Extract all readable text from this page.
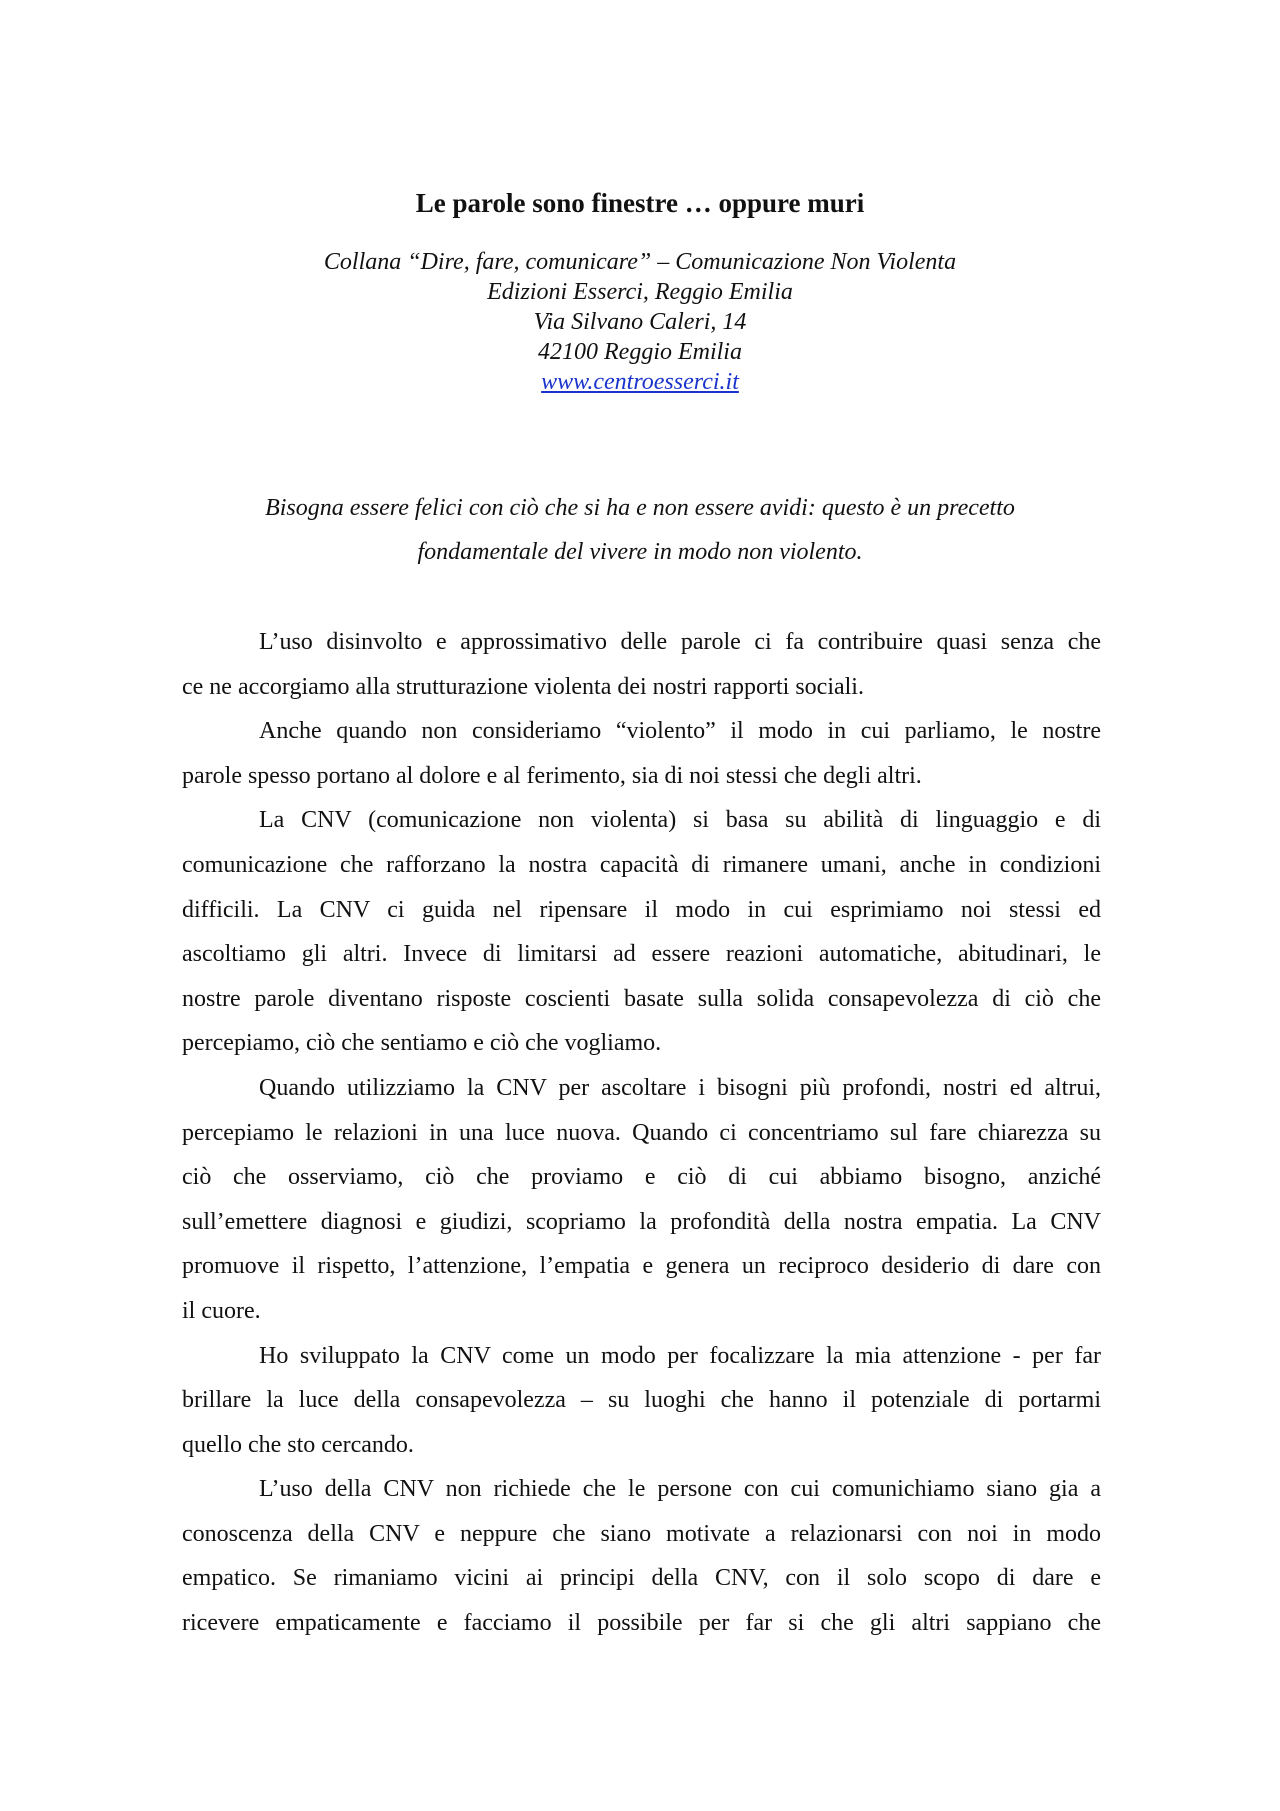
Le parole sono finestre … oppure muri
Collana “Dire, fare, comunicare” – Comunicazione Non Violenta
Edizioni Esserci, Reggio Emilia
Via Silvano Caleri, 14
42100 Reggio Emilia
www.centroesserci.it
Bisogna essere felici con ciò che si ha e non essere avidi: questo è un precetto
fondamentale del vivere in modo non violento.
L’uso disinvolto e approssimativo delle parole ci fa contribuire quasi senza che
ce ne accorgiamo alla strutturazione violenta dei nostri rapporti sociali.
Anche quando non consideriamo “violento” il modo in cui parliamo, le nostre
parole spesso portano al dolore e al ferimento, sia di noi stessi che degli altri.
La CNV (comunicazione non violenta) si basa su abilità di linguaggio e di
comunicazione che rafforzano la nostra capacità di rimanere umani, anche in condizioni
difficili. La CNV ci guida nel ripensare il modo in cui esprimiamo noi stessi ed
ascoltiamo gli altri. Invece di limitarsi ad essere reazioni automatiche, abitudinari, le
nostre parole diventano risposte coscienti basate sulla solida consapevolezza di ciò che
percepiamo, ciò che sentiamo e ciò che vogliamo.
Quando utilizziamo la CNV per ascoltare i bisogni più profondi, nostri ed altrui,
percepiamo le relazioni in una luce nuova. Quando ci concentriamo sul fare chiarezza su
ciò che osserviamo, ciò che proviamo e ciò di cui abbiamo bisogno, anziché
sull’emettere diagnosi e giudizi, scopriamo la profondità della nostra empatia. La CNV
promuove il rispetto, l’attenzione, l’empatia e genera un reciproco desiderio di dare con
il cuore.
Ho sviluppato la CNV come un modo per focalizzare la mia attenzione - per far
brillare la luce della consapevolezza – su luoghi che hanno il potenziale di portarmi
quello che sto cercando.
L’uso della CNV non richiede che le persone con cui comunichiamo siano gia a
conoscenza della CNV e neppure che siano motivate a relazionarsi con noi in modo
empatico. Se rimaniamo vicini ai principi della CNV, con il solo scopo di dare e
ricevere empaticamente e facciamo il possibile per far si che gli altri sappiano che
